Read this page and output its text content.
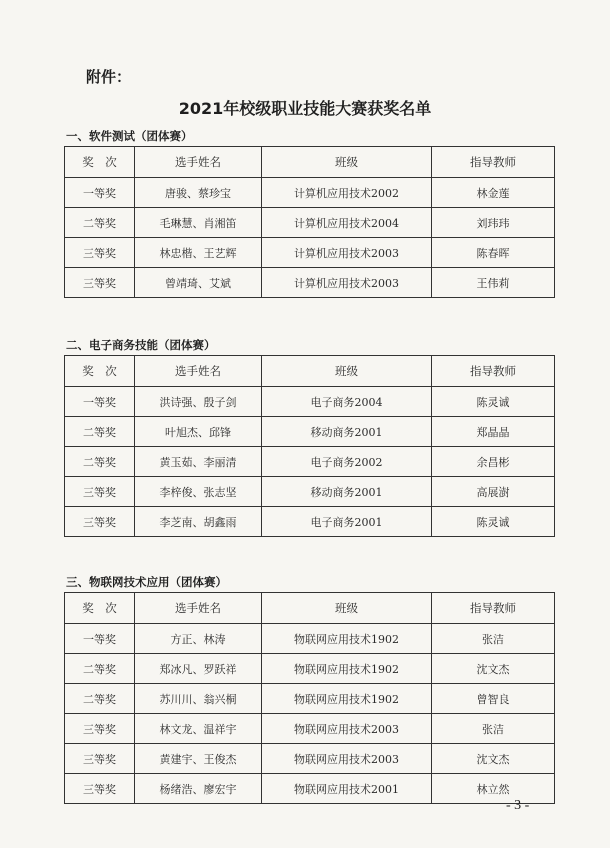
附件：
2021年校级职业技能大赛获奖名单
一、软件测试（团体赛）
奖　次	选手姓名	班级	指导教师
一等奖	唐骏、蔡珍宝	计算机应用技术2002	林金莲
二等奖	毛琳慧、肖湘笛	计算机应用技术2004	刘玮玮
三等奖	林忠楷、王艺辉	计算机应用技术2003	陈春晖
三等奖	曾靖琦、艾斌	计算机应用技术2003	王伟莉
二、电子商务技能（团体赛）
奖　次	选手姓名	班级	指导教师
一等奖	洪诗强、殷子剑	电子商务2004	陈灵诚
二等奖	叶旭杰、邱锋	移动商务2001	郑晶晶
二等奖	黄玉茹、李丽清	电子商务2002	余昌彬
三等奖	李梓俊、张志坚	移动商务2001	高展澍
三等奖	李芝南、胡鑫雨	电子商务2001	陈灵诚
三、物联网技术应用（团体赛）
奖　次	选手姓名	班级	指导教师
一等奖	方正、林涛	物联网应用技术1902	张洁
二等奖	郑冰凡、罗跃祥	物联网应用技术1902	沈文杰
二等奖	苏川川、翁兴桐	物联网应用技术1902	曾智良
三等奖	林文龙、温祥宇	物联网应用技术2003	张洁
三等奖	黄建宇、王俊杰	物联网应用技术2003	沈文杰
三等奖	杨绪浩、廖宏宇	物联网应用技术2001	林立然
- 3 -
